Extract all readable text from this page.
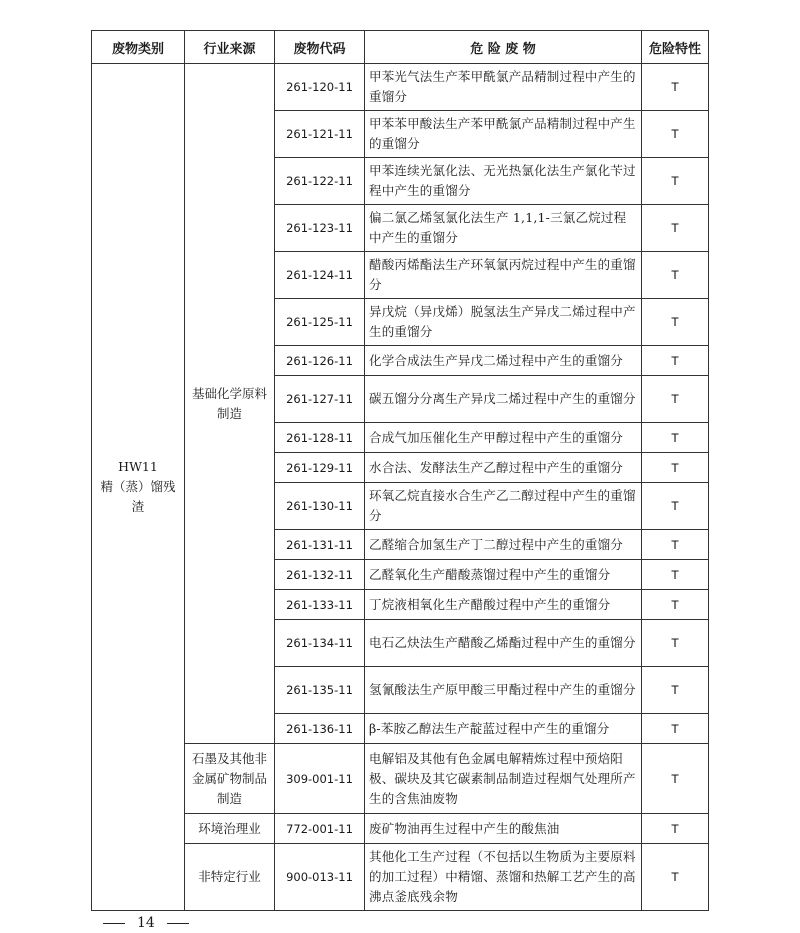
废物类别	行业来源	废物代码	危 险 废 物	危险特性

HW11
精（蒸）馏残渣	基础化学原料制造	261-120-11	甲苯光气法生产苯甲酰氯产品精制过程中产生的重馏分	T
		261-121-11	甲苯苯甲酸法生产苯甲酰氯产品精制过程中产生的重馏分	T
		261-122-11	甲苯连续光氯化法、无光热氯化法生产氯化苄过程中产生的重馏分	T
		261-123-11	偏二氯乙烯氢氯化法生产 1,1,1-三氯乙烷过程中产生的重馏分	T
		261-124-11	醋酸丙烯酯法生产环氧氯丙烷过程中产生的重馏分	T
		261-125-11	异戊烷（异戊烯）脱氢法生产异戊二烯过程中产生的重馏分	T
		261-126-11	化学合成法生产异戊二烯过程中产生的重馏分	T
		261-127-11	碳五馏分分离生产异戊二烯过程中产生的重馏分	T
		261-128-11	合成气加压催化生产甲醇过程中产生的重馏分	T
		261-129-11	水合法、发酵法生产乙醇过程中产生的重馏分	T
		261-130-11	环氧乙烷直接水合生产乙二醇过程中产生的重馏分	T
		261-131-11	乙醛缩合加氢生产丁二醇过程中产生的重馏分	T
		261-132-11	乙醛氧化生产醋酸蒸馏过程中产生的重馏分	T
		261-133-11	丁烷液相氧化生产醋酸过程中产生的重馏分	T
		261-134-11	电石乙炔法生产醋酸乙烯酯过程中产生的重馏分	T
		261-135-11	氢氰酸法生产原甲酸三甲酯过程中产生的重馏分	T
		261-136-11	β-苯胺乙醇法生产靛蓝过程中产生的重馏分	T
	石墨及其他非金属矿物制品制造	309-001-11	电解铝及其他有色金属电解精炼过程中预焙阳极、碳块及其它碳素制品制造过程烟气处理所产生的含焦油废物	T
	环境治理业	772-001-11	废矿物油再生过程中产生的酸焦油	T
	非特定行业	900-013-11	其他化工生产过程（不包括以生物质为主要原料的加工过程）中精馏、蒸馏和热解工艺产生的高沸点釜底残余物	T
14
